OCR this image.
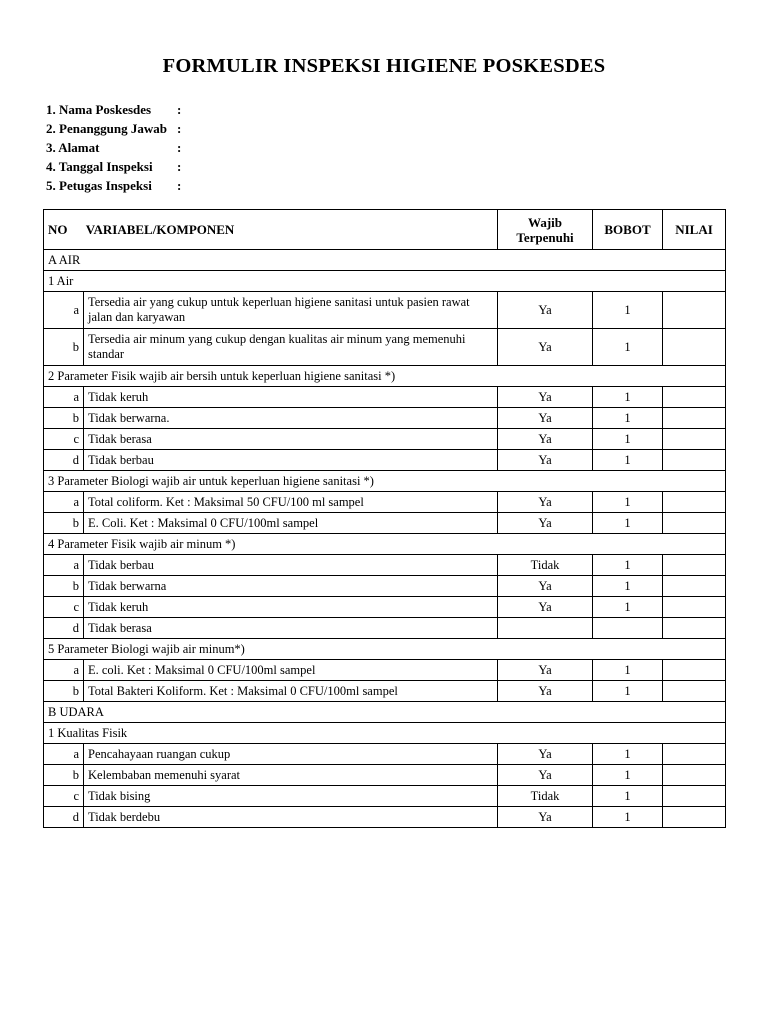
FORMULIR INSPEKSI HIGIENE POSKESDES
1. Nama Poskesdes	:
2. Penanggung Jawab :
3. Alamat	:
4. Tanggal Inspeksi	:
5. Petugas Inspeksi	:
NO VARIABEL/KOMPONEN		Wajib
Terpenuhi	BOBOT	NILAI
A AIR				
1 Air				
a	Tersedia air yang cukup untuk keperluan higiene sanitasi untuk pasien rawat jalan dan karyawan	Ya	1	
b	Tersedia air minum yang cukup dengan kualitas air minum yang memenuhi standar	Ya	1	
2 Parameter Fisik wajib air bersih untuk keperluan higiene sanitasi *)				
a	Tidak keruh	Ya	1	
b	Tidak berwarna.	Ya	1	
c	Tidak berasa	Ya	1	
d	Tidak berbau	Ya	1	
3 Parameter Biologi wajib air untuk keperluan higiene sanitasi *)				
a	Total coliform. Ket : Maksimal 50 CFU/100 ml sampel	Ya	1	
b	E. Coli. Ket : Maksimal 0 CFU/100ml sampel	Ya	1	
4 Parameter Fisik wajib air minum *)				
a	Tidak berbau	Tidak	1	
b	Tidak berwarna	Ya	1	
c	Tidak keruh	Ya	1	
d	Tidak berasa			
5 Parameter Biologi wajib air minum*)				
a	E. coli. Ket : Maksimal 0 CFU/100ml sampel	Ya	1	
b	Total Bakteri Koliform. Ket : Maksimal 0 CFU/100ml sampel	Ya	1	
B UDARA				
1 Kualitas Fisik				
a	Pencahayaan ruangan cukup	Ya	1	
b	Kelembaban memenuhi syarat	Ya	1	
c	Tidak bising	Tidak	1	
d	Tidak berdebu	Ya	1	
